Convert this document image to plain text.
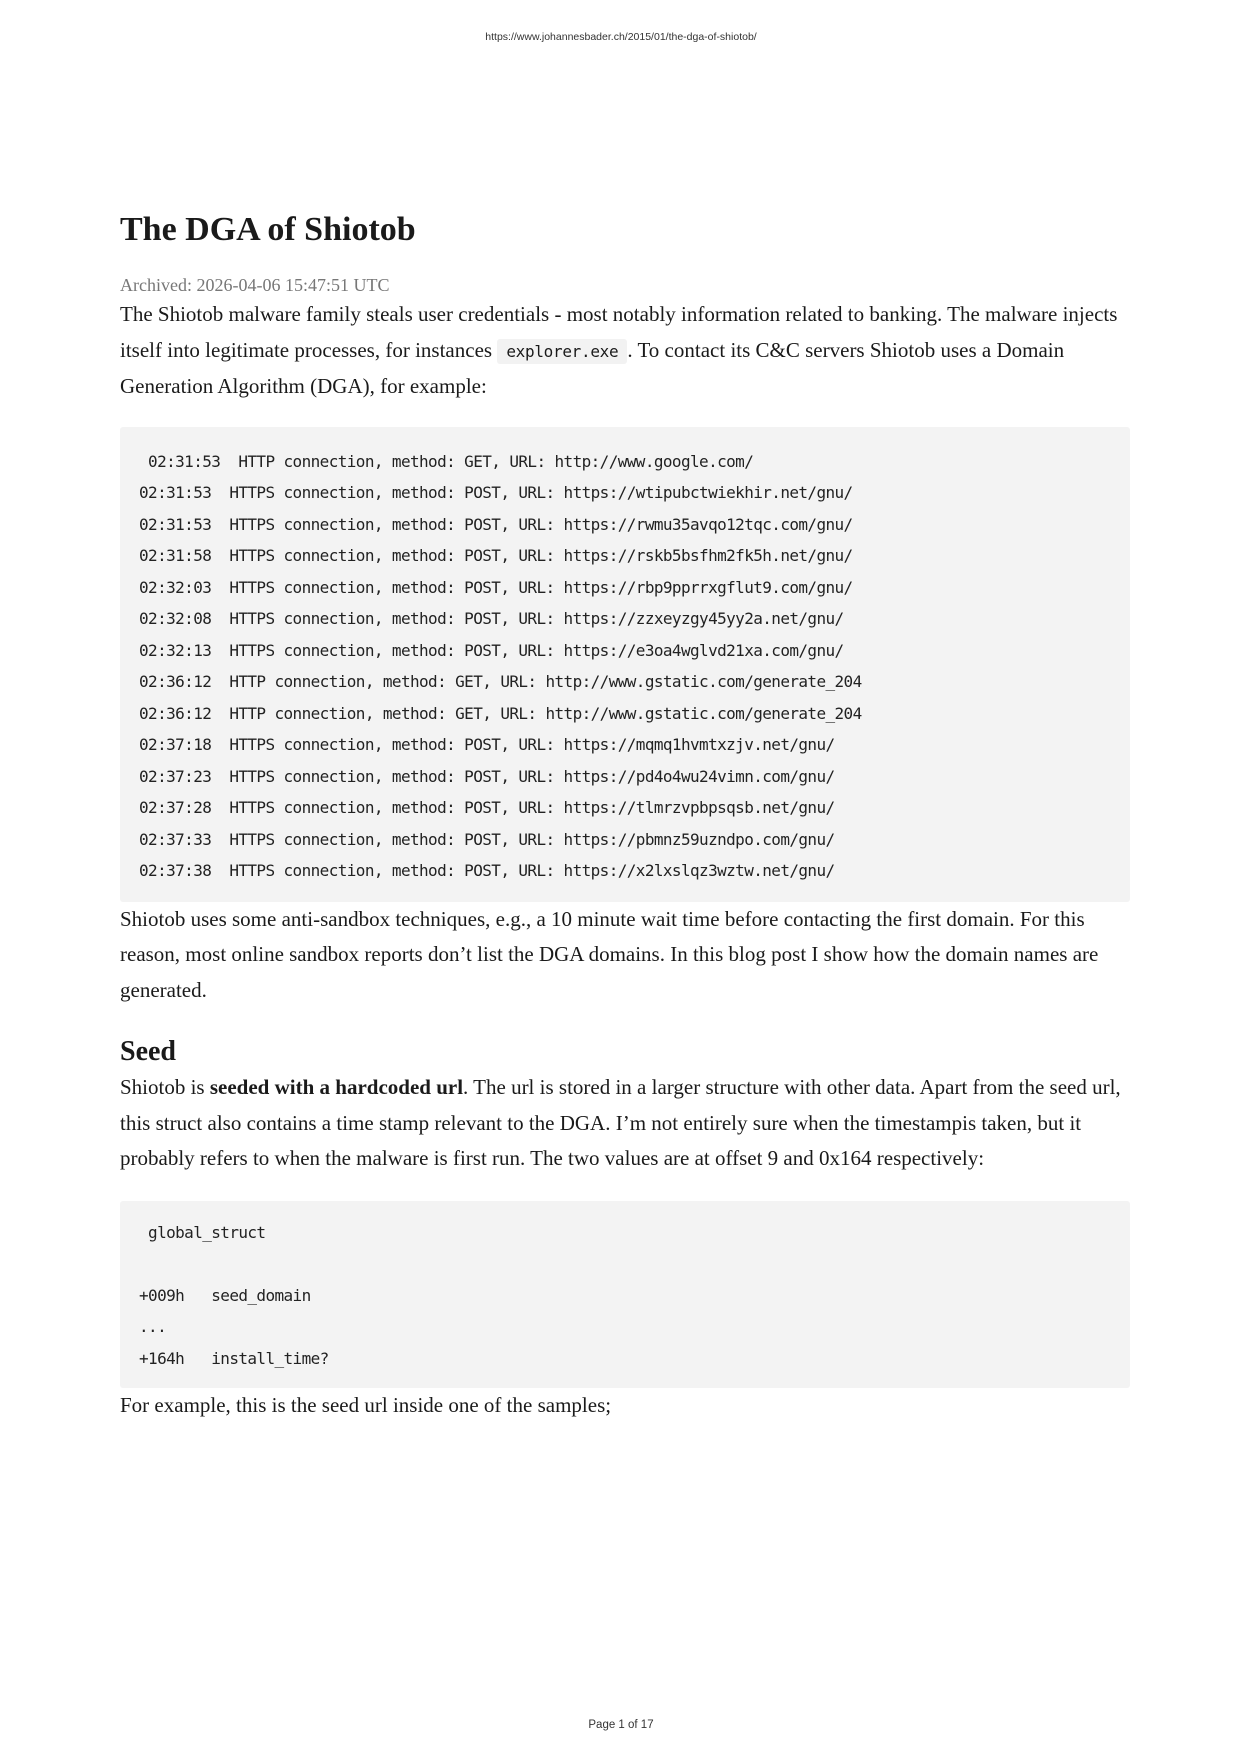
https://www.johannesbader.ch/2015/01/the-dga-of-shiotob/
The DGA of Shiotob
Archived: 2026-04-06 15:47:51 UTC

The Shiotob malware family steals user credentials - most notably information related to banking. The malware injects itself into legitimate processes, for instances explorer.exe . To contact its C&C servers Shiotob uses a Domain Generation Algorithm (DGA), for example:

02:31:53  HTTP connection, method: GET, URL: http://www.google.com/
02:31:53  HTTPS connection, method: POST, URL: https://wtipubctwiekhir.net/gnu/
02:31:53  HTTPS connection, method: POST, URL: https://rwmu35avqo12tqc.com/gnu/
02:31:58  HTTPS connection, method: POST, URL: https://rskb5bsfhm2fk5h.net/gnu/
02:32:03  HTTPS connection, method: POST, URL: https://rbp9pprrxgflut9.com/gnu/
02:32:08  HTTPS connection, method: POST, URL: https://zzxeyzgy45yy2a.net/gnu/
02:32:13  HTTPS connection, method: POST, URL: https://e3oa4wglvd21xa.com/gnu/
02:36:12  HTTP connection, method: GET, URL: http://www.gstatic.com/generate_204
02:36:12  HTTP connection, method: GET, URL: http://www.gstatic.com/generate_204
02:37:18  HTTPS connection, method: POST, URL: https://mqmq1hvmtxzjv.net/gnu/
02:37:23  HTTPS connection, method: POST, URL: https://pd4o4wu24vimn.com/gnu/
02:37:28  HTTPS connection, method: POST, URL: https://tlmrzvpbpsqsb.net/gnu/
02:37:33  HTTPS connection, method: POST, URL: https://pbmnz59uzndpo.com/gnu/
02:37:38  HTTPS connection, method: POST, URL: https://x2lxslqz3wztw.net/gnu/

Shiotob uses some anti-sandbox techniques, e.g., a 10 minute wait time before contacting the first domain. For this reason, most online sandbox reports don’t list the DGA domains. In this blog post I show how the domain names are generated.

Seed

Shiotob is seeded with a hardcoded url. The url is stored in a larger structure with other data. Apart from the seed url, this struct also contains a time stamp relevant to the DGA. I’m not entirely sure when the timestampis taken, but it probably refers to when the malware is first run. The two values are at offset 9 and 0x164 respectively:

global_struct

+009h   seed_domain
...
+164h   install_time?

For example, this is the seed url inside one of the samples;

Page 1 of 17
